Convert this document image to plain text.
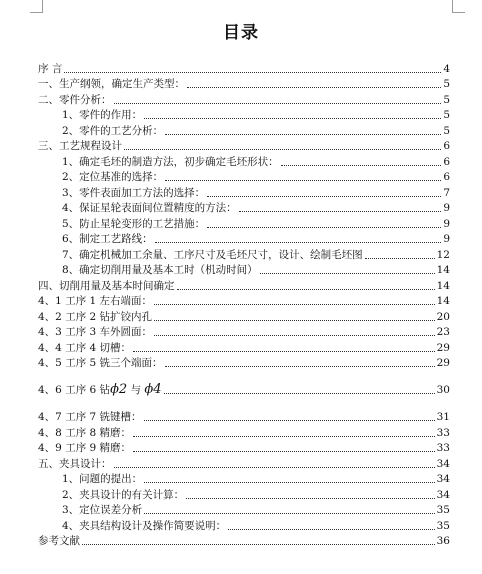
目录
序 言	4
一、生产纲领，确定生产类型：	5
二、零件分析：	5
1、零件的作用：	5
2、零件的工艺分析：	5
三、工艺规程设计	6
1、确定毛坯的制造方法，初步确定毛坯形状：	6
2、定位基准的选择：	6
3、零件表面加工方法的选择：	7
4、保证星轮表面间位置精度的方法：	9
5、防止星轮变形的工艺措施：	9
6、制定工艺路线：	9
7、确定机械加工余量、工序尺寸及毛坯尺寸，设计、绘制毛坯图	12
8、确定切削用量及基本工时（机动时间）	14
四、切削用量及基本时间确定	14
4、1 工序 1 左右端面：	14
4、2 工序 2 钻扩铰内孔	20
4、3 工序 3 车外圆面：	23
4、4 工序 4 切槽：	29
4、5 工序 5 铣三个端面：	29
4、6 工序 6 钻ϕ2 与 ϕ4	30
4、7 工序 7 铣键槽：	31
4、8 工序 8 精磨：	33
4、9 工序 9 精磨：	33
五、夹具设计：	34
1、问题的提出：	34
2、夹具设计的有关计算：	34
3、定位误差分析	35
4、夹具结构设计及操作简要说明：	35
参考文献	36
